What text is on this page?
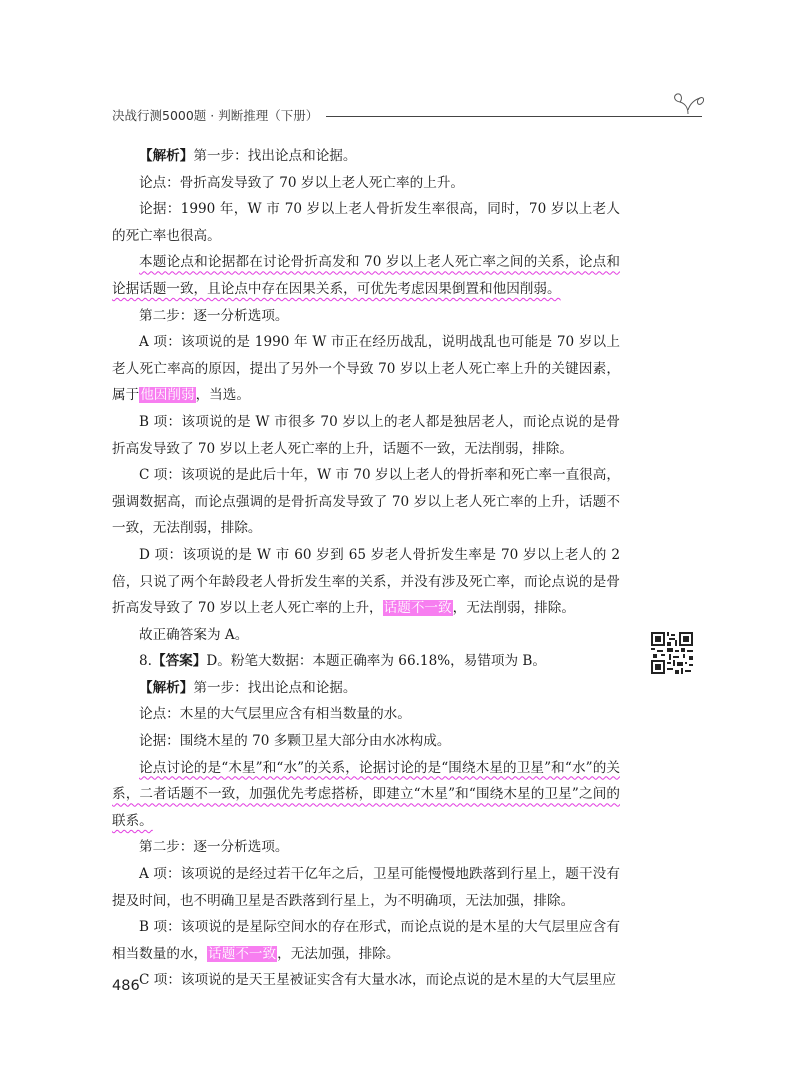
决战行测5000题 · 判断推理（下册）

【解析】第一步：找出论点和论据。

论点：骨折高发导致了 70 岁以上老人死亡率的上升。

论据：1990 年，W 市 70 岁以上老人骨折发生率很高，同时，70 岁以上老人的死亡率也很高。

本题论点和论据都在讨论骨折高发和 70 岁以上老人死亡率之间的关系，论点和论据话题一致，且论点中存在因果关系，可优先考虑因果倒置和他因削弱。

第二步：逐一分析选项。

A 项：该项说的是 1990 年 W 市正在经历战乱，说明战乱也可能是 70 岁以上老人死亡率高的原因，提出了另外一个导致 70 岁以上老人死亡率上升的关键因素，属于他因削弱，当选。

B 项：该项说的是 W 市很多 70 岁以上的老人都是独居老人，而论点说的是骨折高发导致了 70 岁以上老人死亡率的上升，话题不一致，无法削弱，排除。

C 项：该项说的是此后十年，W 市 70 岁以上老人的骨折率和死亡率一直很高，强调数据高，而论点强调的是骨折高发导致了 70 岁以上老人死亡率的上升，话题不一致，无法削弱，排除。

D 项：该项说的是 W 市 60 岁到 65 岁老人骨折发生率是 70 岁以上老人的 2 倍，只说了两个年龄段老人骨折发生率的关系，并没有涉及死亡率，而论点说的是骨折高发导致了 70 岁以上老人死亡率的上升，话题不一致，无法削弱，排除。

故正确答案为 A。

8.【答案】D。粉笔大数据：本题正确率为 66.18%，易错项为 B。

【解析】第一步：找出论点和论据。

论点：木星的大气层里应含有相当数量的水。

论据：围绕木星的 70 多颗卫星大部分由水冰构成。

论点讨论的是“木星”和“水”的关系，论据讨论的是“围绕木星的卫星”和“水”的关系，二者话题不一致，加强优先考虑搭桥，即建立“木星”和“围绕木星的卫星”之间的联系。

第二步：逐一分析选项。

A 项：该项说的是经过若干亿年之后，卫星可能慢慢地跌落到行星上，题干没有提及时间，也不明确卫星是否跌落到行星上，为不明确项，无法加强，排除。

B 项：该项说的是星际空间水的存在形式，而论点说的是木星的大气层里应含有相当数量的水，话题不一致，无法加强，排除。

C 项：该项说的是天王星被证实含有大量水冰，而论点说的是木星的大气层里应

486
